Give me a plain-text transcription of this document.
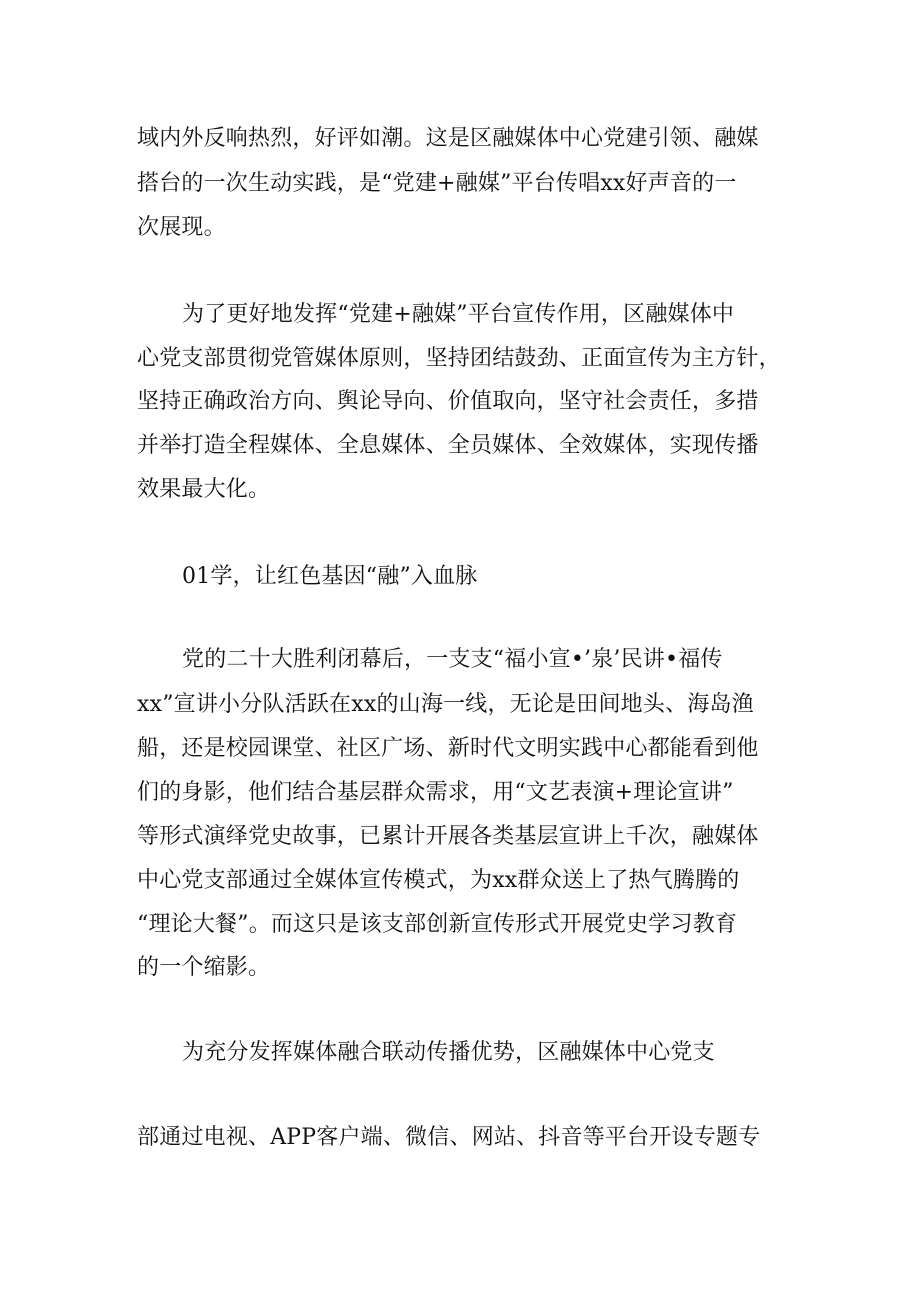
域内外反响热烈，好评如潮。这是区融媒体中心党建引领、融媒
搭台的一次生动实践，是“党建+融媒”平台传唱xx好声音的一
次展现。
为了更好地发挥“党建+融媒”平台宣传作用，区融媒体中
心党支部贯彻党管媒体原则，坚持团结鼓劲、正面宣传为主方针，
坚持正确政治方向、舆论导向、价值取向，坚守社会责任，多措
并举打造全程媒体、全息媒体、全员媒体、全效媒体，实现传播
效果最大化。
01学，让红色基因“融”入血脉
党的二十大胜利闭幕后，一支支“福小宣•’泉’民讲•福传
xx”宣讲小分队活跃在xx的山海一线，无论是田间地头、海岛渔
船，还是校园课堂、社区广场、新时代文明实践中心都能看到他
们的身影，他们结合基层群众需求，用“文艺表演+理论宣讲”
等形式演绎党史故事，已累计开展各类基层宣讲上千次，融媒体
中心党支部通过全媒体宣传模式，为xx群众送上了热气腾腾的
“理论大餐”。而这只是该支部创新宣传形式开展党史学习教育
的一个缩影。
为充分发挥媒体融合联动传播优势，区融媒体中心党支
部通过电视、APP客户端、微信、网站、抖音等平台开设专题专
